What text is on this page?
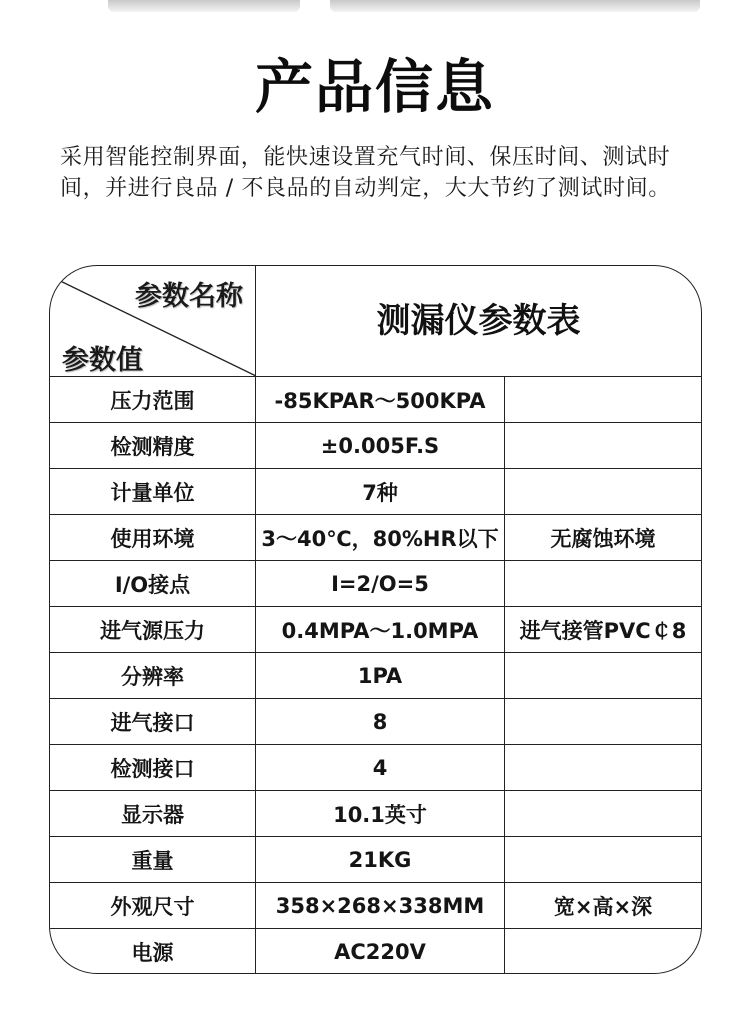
产品信息
采用智能控制界面，能快速设置充气时间、保压时间、测试时间，并进行良品 / 不良品的自动判定，大大节约了测试时间。
参数名称
参数值
测漏仪参数表
压力范围	-85KPAR～500KPA
检测精度	±0.005F.S
计量单位	7种
使用环境	3～40℃，80%HR以下	无腐蚀环境
I/O接点	I=2/O=5
进气源压力	0.4MPA～1.0MPA	进气接管PVC￠8
分辨率	1PA
进气接口	8
检测接口	4
显示器	10.1英寸
重量	21KG
外观尺寸	358×268×338MM	宽×高×深
电源	AC220V
